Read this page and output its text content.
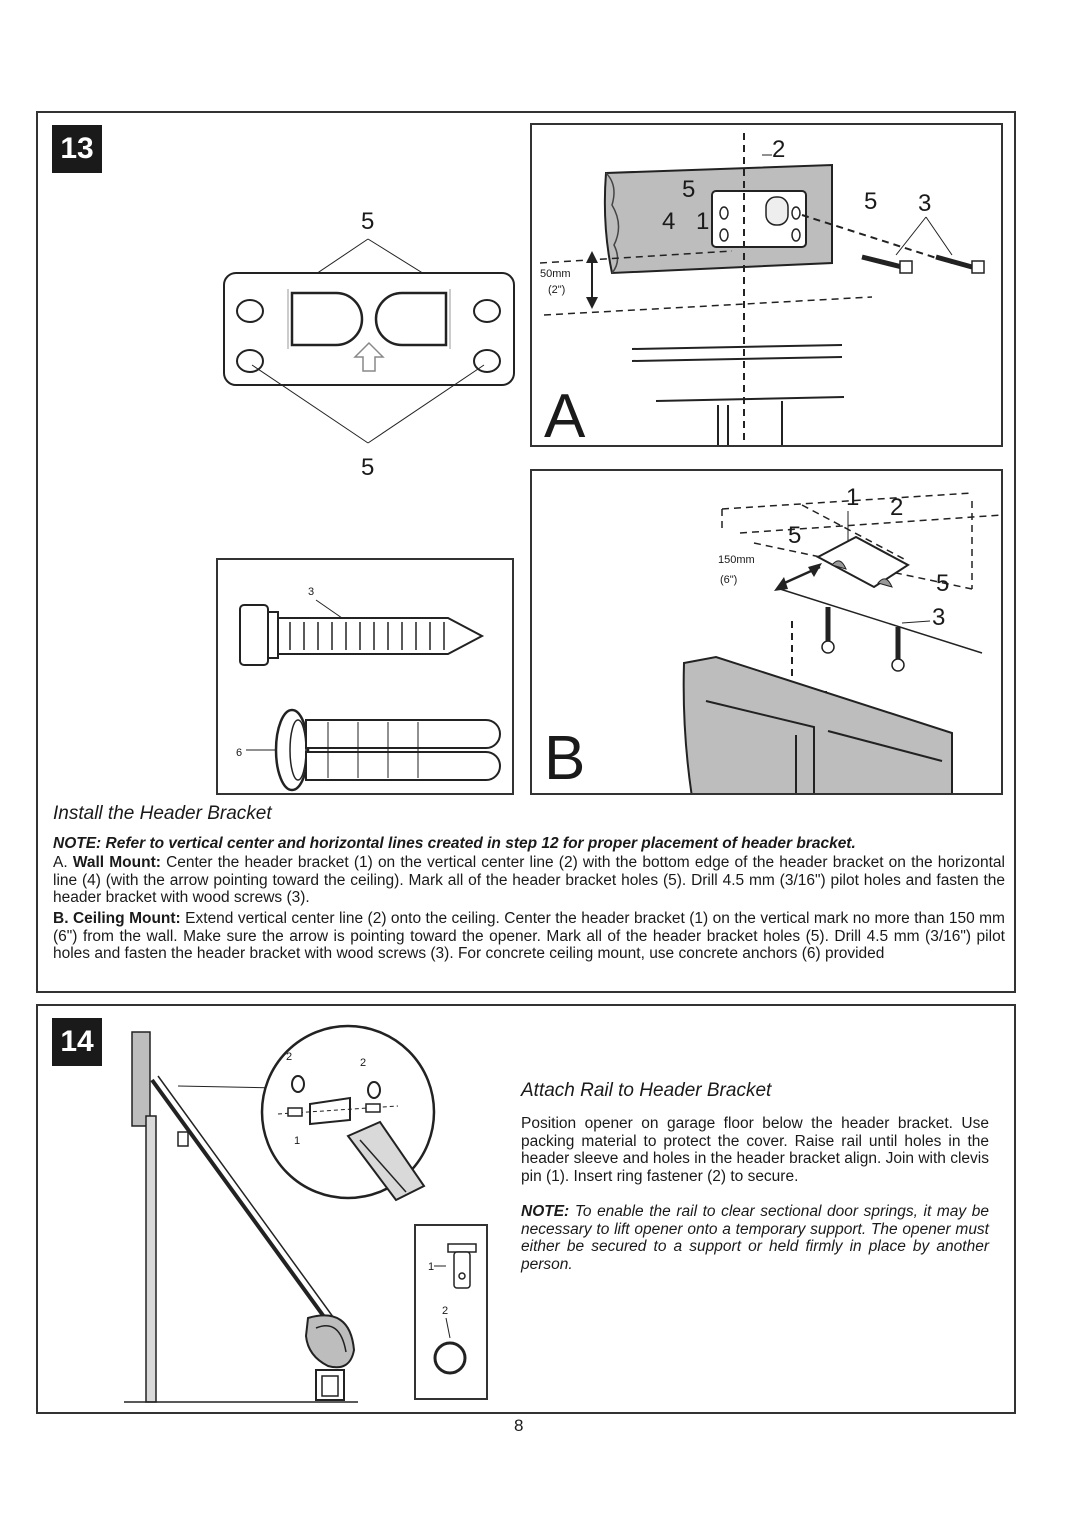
13
5
5
3
6
2
5	5 3
4 1
50mm
(2")
A
1 2
5
5
3
150mm
(6")
B
Install the Header Bracket
NOTE: Refer to vertical center and horizontal lines created in step 12 for proper placement of header bracket.
A. Wall Mount: Center the header bracket (1) on the vertical center line (2) with the bottom edge of the header bracket on the horizontal line (4) (with the arrow pointing toward the ceiling). Mark all of the header bracket holes (5). Drill 4.5 mm (3/16") pilot holes and fasten the header bracket with wood screws (3).
B. Ceiling Mount: Extend vertical center line (2) onto the ceiling. Center the header bracket (1) on the vertical mark no more than 150 mm (6") from the wall. Make sure the arrow is pointing toward the opener. Mark all of the header bracket holes (5). Drill 4.5 mm (3/16") pilot holes and fasten the header bracket with wood screws (3). For concrete ceiling mount, use concrete anchors (6) provided
14	2	2
1
1
2
Attach Rail to Header Bracket
Position opener on garage floor below the header bracket. Use packing material to protect the cover. Raise rail until holes in the header sleeve and holes in the header bracket align. Join with clevis pin (1). Insert ring fastener (2) to secure.
NOTE: To enable the rail to clear sectional door springs, it may be necessary to lift opener onto a temporary support. The opener must either be secured to a support or held firmly in place by another person.
8
